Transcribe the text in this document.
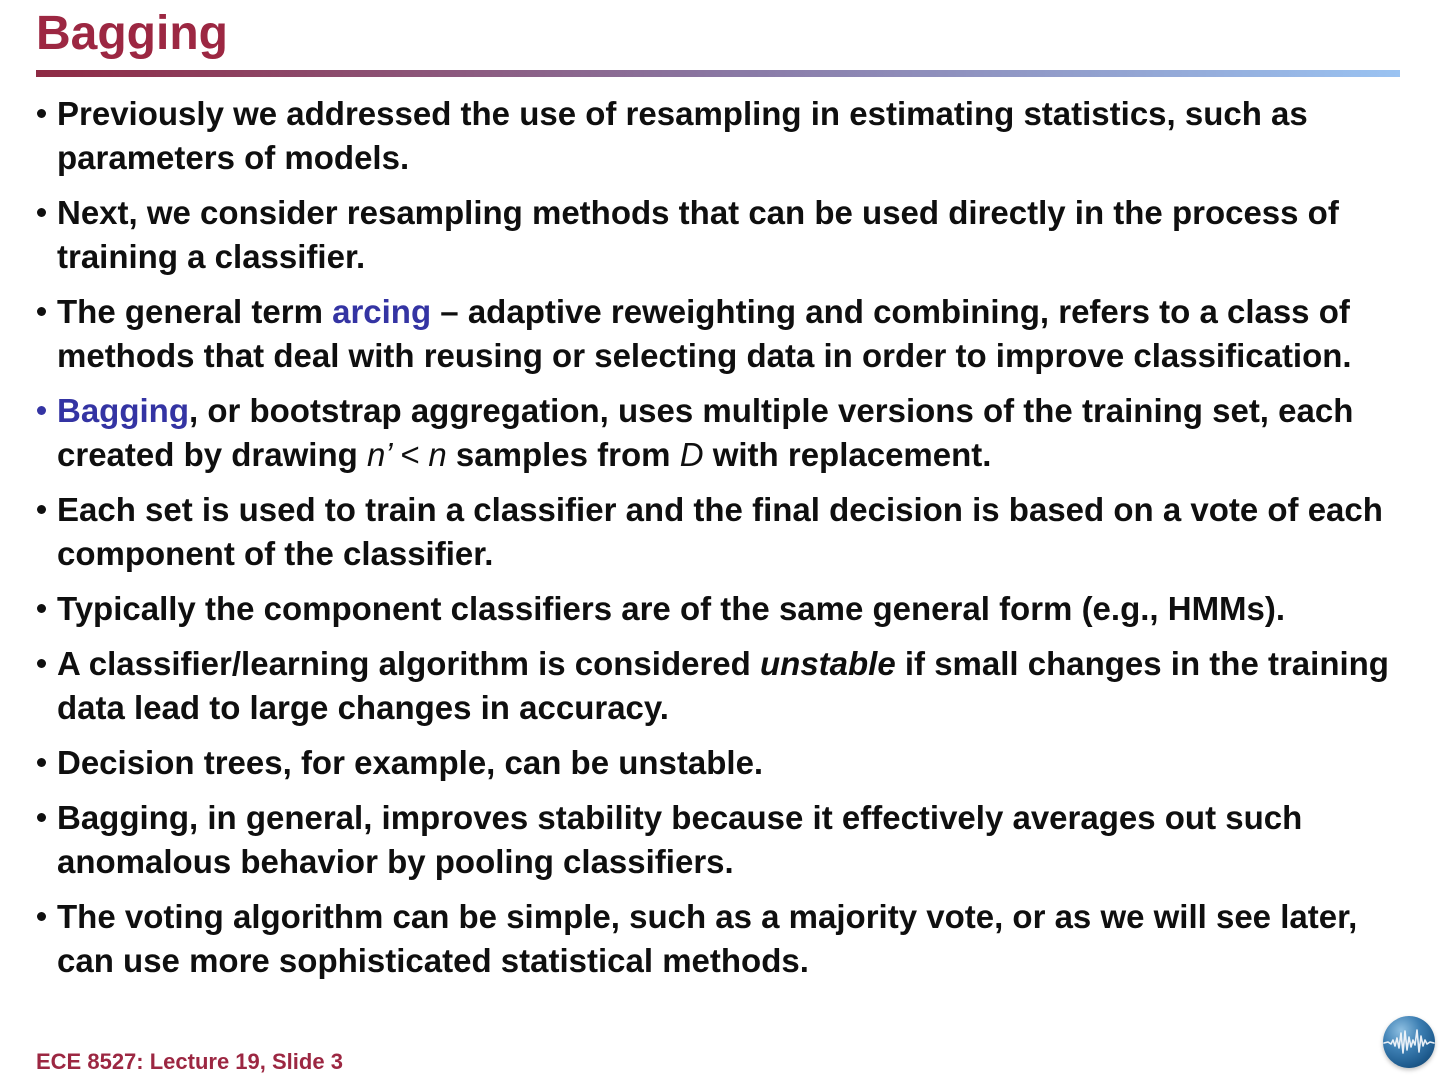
Bagging
Previously we addressed the use of resampling in estimating statistics, such as parameters of models.
Next, we consider resampling methods that can be used directly in the process of training a classifier.
The general term arcing – adaptive reweighting and combining, refers to a class of methods that deal with reusing or selecting data in order to improve classification.
Bagging, or bootstrap aggregation, uses multiple versions of the training set, each created by drawing n’ < n samples from D with replacement.
Each set is used to train a classifier and the final decision is based on a vote of each component of the classifier.
Typically the component classifiers are of the same general form (e.g., HMMs).
A classifier/learning algorithm is considered unstable if small changes in the training data lead to large changes in accuracy.
Decision trees, for example, can be unstable.
Bagging, in general, improves stability because it effectively averages out such anomalous behavior by pooling classifiers.
The voting algorithm can be simple, such as a majority vote, or as we will see later, can use more sophisticated statistical methods.
ECE 8527: Lecture 19, Slide 3
